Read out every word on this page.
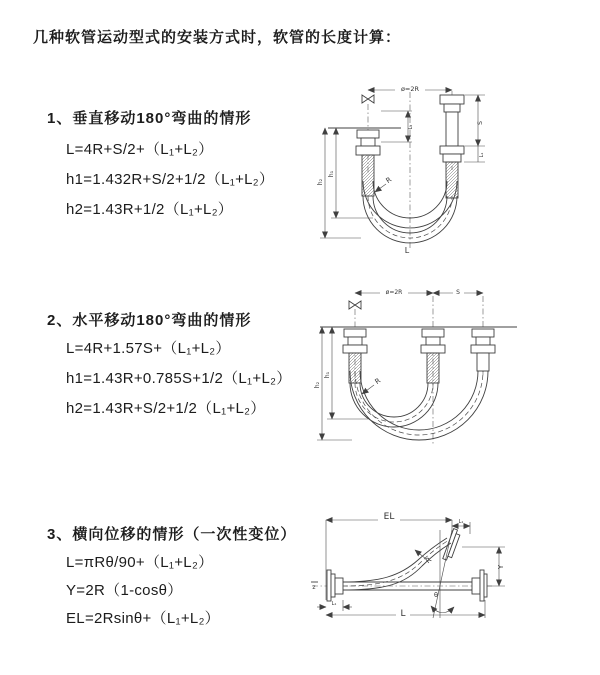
几种软管运动型式的安装方式时，软管的长度计算：
1、垂直移动180°弯曲的情形
L=4R+S/2+（L₁+L₂）
h1=1.432R+S/2+1/2（L₁+L₂）
h2=1.43R+1/2（L₁+L₂）
2、水平移动180°弯曲的情形
L=4R+1.57S+（L₁+L₂）
h1=1.43R+0.785S+1/2（L₁+L₂）
h2=1.43R+S/2+1/2（L₁+L₂）
3、横向位移的情形（一次性变位）
L=πRθ/90+（L₁+L₂）
Y=2R（1-cosθ）
EL=2Rsinθ+（L₁+L₂）
ø=2R
S
L₁
L₂
h₂
h₁
R
L
ø=2R	S
h₂
h₁
R
EL	L₁
Y
z
R
θ
L
L₁
